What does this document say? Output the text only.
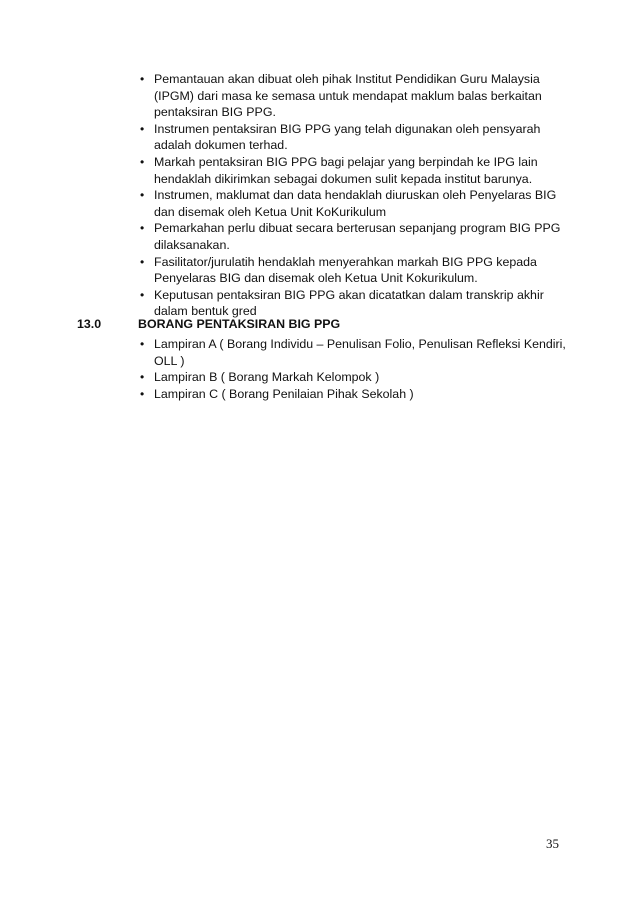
• Pemantauan akan dibuat oleh pihak Institut Pendidikan Guru Malaysia (IPGM) dari masa ke semasa untuk mendapat maklum balas berkaitan pentaksiran BIG PPG.
• Instrumen pentaksiran BIG PPG yang telah digunakan oleh pensyarah adalah dokumen terhad.
• Markah pentaksiran BIG PPG bagi pelajar yang berpindah ke IPG lain hendaklah dikirimkan sebagai dokumen sulit kepada institut barunya.
• Instrumen, maklumat dan data hendaklah diuruskan oleh Penyelaras BIG dan disemak oleh Ketua Unit KoKurikulum
• Pemarkahan perlu dibuat secara berterusan sepanjang program BIG PPG dilaksanakan.
• Fasilitator/jurulatih hendaklah menyerahkan markah BIG PPG kepada Penyelaras BIG dan disemak oleh Ketua Unit Kokurikulum.
• Keputusan pentaksiran BIG PPG akan dicatatkan dalam transkrip akhir dalam bentuk gred
13.0	BORANG PENTAKSIRAN BIG PPG
• Lampiran A ( Borang Individu – Penulisan Folio, Penulisan Refleksi Kendiri, OLL )
• Lampiran B ( Borang Markah Kelompok )
• Lampiran C ( Borang Penilaian Pihak Sekolah )
35
